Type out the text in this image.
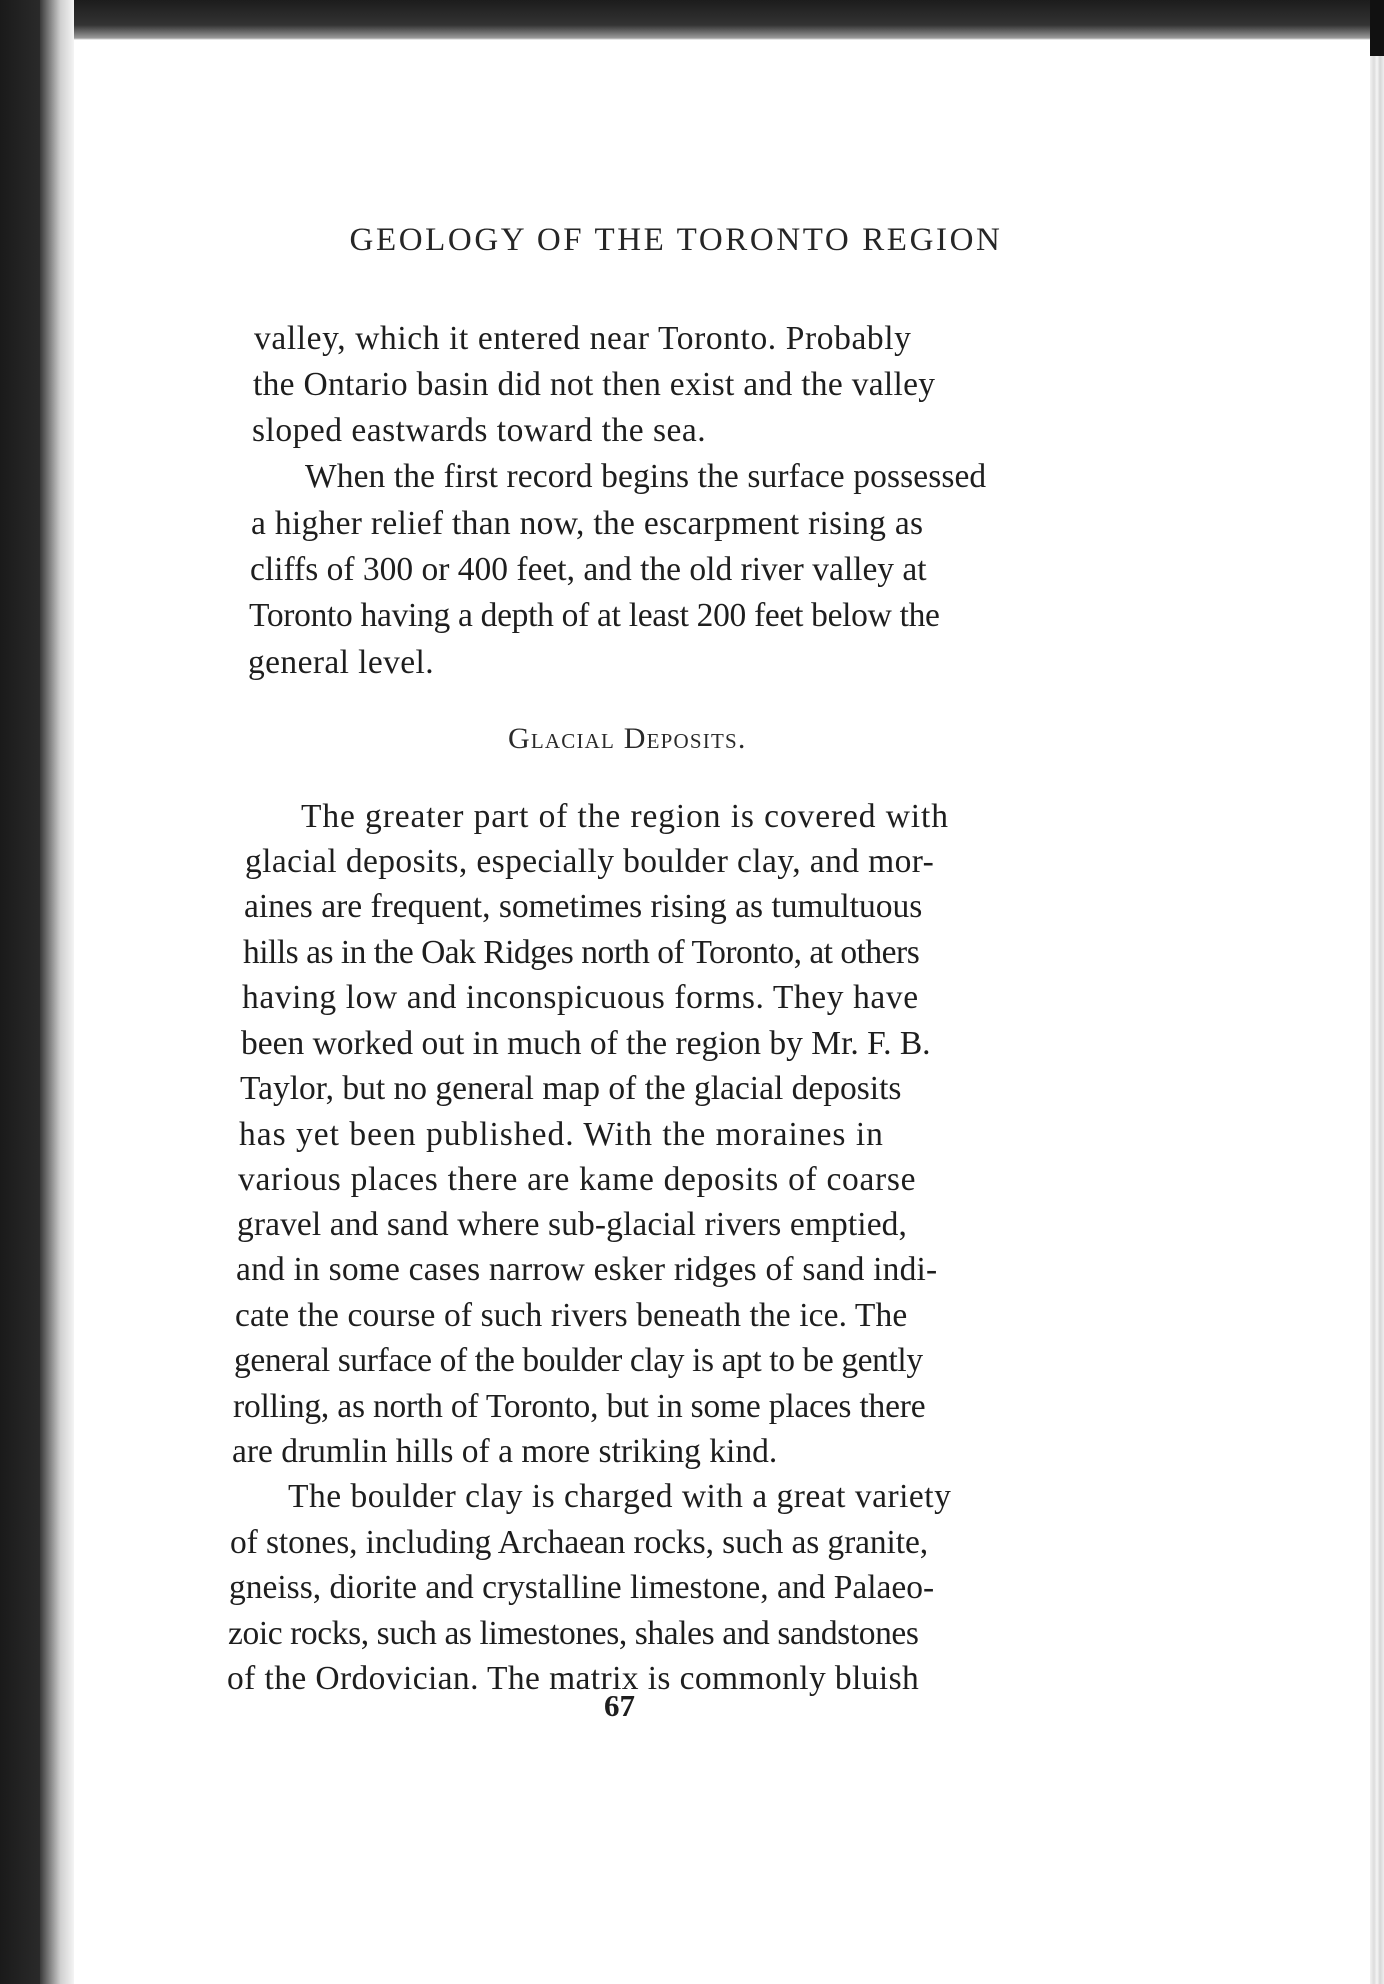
GEOLOGY OF THE TORONTO REGION
valley, which it entered near Toronto. Probably
the Ontario basin did not then exist and the valley
sloped eastwards toward the sea.
When the first record begins the surface possessed
a higher relief than now, the escarpment rising as
cliffs of 300 or 400 feet, and the old river valley at
Toronto having a depth of at least 200 feet below the
general level.
Glacial Deposits.
The greater part of the region is covered with
glacial deposits, especially boulder clay, and mor-
aines are frequent, sometimes rising as tumultuous
hills as in the Oak Ridges north of Toronto, at others
having low and inconspicuous forms. They have
been worked out in much of the region by Mr. F. B.
Taylor, but no general map of the glacial deposits
has yet been published. With the moraines in
various places there are kame deposits of coarse
gravel and sand where sub-glacial rivers emptied,
and in some cases narrow esker ridges of sand indi-
cate the course of such rivers beneath the ice. The
general surface of the boulder clay is apt to be gently
rolling, as north of Toronto, but in some places there
are drumlin hills of a more striking kind.
The boulder clay is charged with a great variety
of stones, including Archaean rocks, such as granite,
gneiss, diorite and crystalline limestone, and Palaeo-
zoic rocks, such as limestones, shales and sandstones
of the Ordovician. The matrix is commonly bluish
67
